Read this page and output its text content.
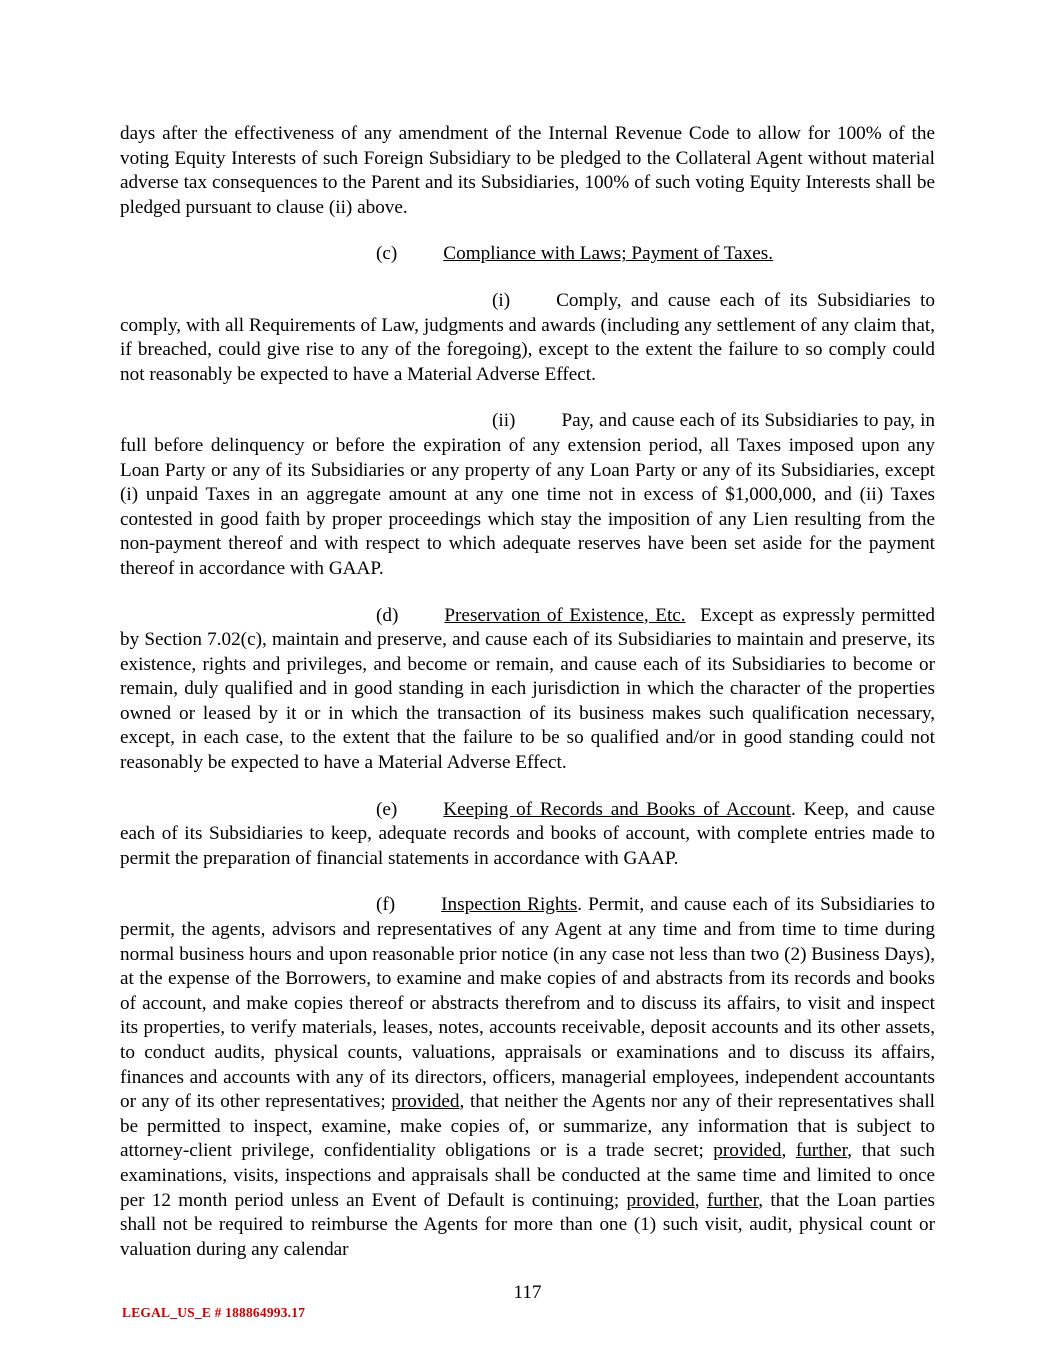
days after the effectiveness of any amendment of the Internal Revenue Code to allow for 100% of the voting Equity Interests of such Foreign Subsidiary to be pledged to the Collateral Agent without material adverse tax consequences to the Parent and its Subsidiaries, 100% of such voting Equity Interests shall be pledged pursuant to clause (ii) above.

(c) Compliance with Laws; Payment of Taxes.

(i) Comply, and cause each of its Subsidiaries to comply, with all Requirements of Law, judgments and awards (including any settlement of any claim that, if breached, could give rise to any of the foregoing), except to the extent the failure to so comply could not reasonably be expected to have a Material Adverse Effect.

(ii) Pay, and cause each of its Subsidiaries to pay, in full before delinquency or before the expiration of any extension period, all Taxes imposed upon any Loan Party or any of its Subsidiaries or any property of any Loan Party or any of its Subsidiaries, except (i) unpaid Taxes in an aggregate amount at any one time not in excess of $1,000,000, and (ii) Taxes contested in good faith by proper proceedings which stay the imposition of any Lien resulting from the non-payment thereof and with respect to which adequate reserves have been set aside for the payment thereof in accordance with GAAP.

(d) Preservation of Existence, Etc. Except as expressly permitted by Section 7.02(c), maintain and preserve, and cause each of its Subsidiaries to maintain and preserve, its existence, rights and privileges, and become or remain, and cause each of its Subsidiaries to become or remain, duly qualified and in good standing in each jurisdiction in which the character of the properties owned or leased by it or in which the transaction of its business makes such qualification necessary, except, in each case, to the extent that the failure to be so qualified and/or in good standing could not reasonably be expected to have a Material Adverse Effect.

(e) Keeping of Records and Books of Account. Keep, and cause each of its Subsidiaries to keep, adequate records and books of account, with complete entries made to permit the preparation of financial statements in accordance with GAAP.

(f) Inspection Rights. Permit, and cause each of its Subsidiaries to permit, the agents, advisors and representatives of any Agent at any time and from time to time during normal business hours and upon reasonable prior notice (in any case not less than two (2) Business Days), at the expense of the Borrowers, to examine and make copies of and abstracts from its records and books of account, and make copies thereof or abstracts therefrom and to discuss its affairs, to visit and inspect its properties, to verify materials, leases, notes, accounts receivable, deposit accounts and its other assets, to conduct audits, physical counts, valuations, appraisals or examinations and to discuss its affairs, finances and accounts with any of its directors, officers, managerial employees, independent accountants or any of its other representatives; provided, that neither the Agents nor any of their representatives shall be permitted to inspect, examine, make copies of, or summarize, any information that is subject to attorney-client privilege, confidentiality obligations or is a trade secret; provided, further, that such examinations, visits, inspections and appraisals shall be conducted at the same time and limited to once per 12 month period unless an Event of Default is continuing; provided, further, that the Loan parties shall not be required to reimburse the Agents for more than one (1) such visit, audit, physical count or valuation during any calendar

117
LEGAL_US_E # 188864993.17
